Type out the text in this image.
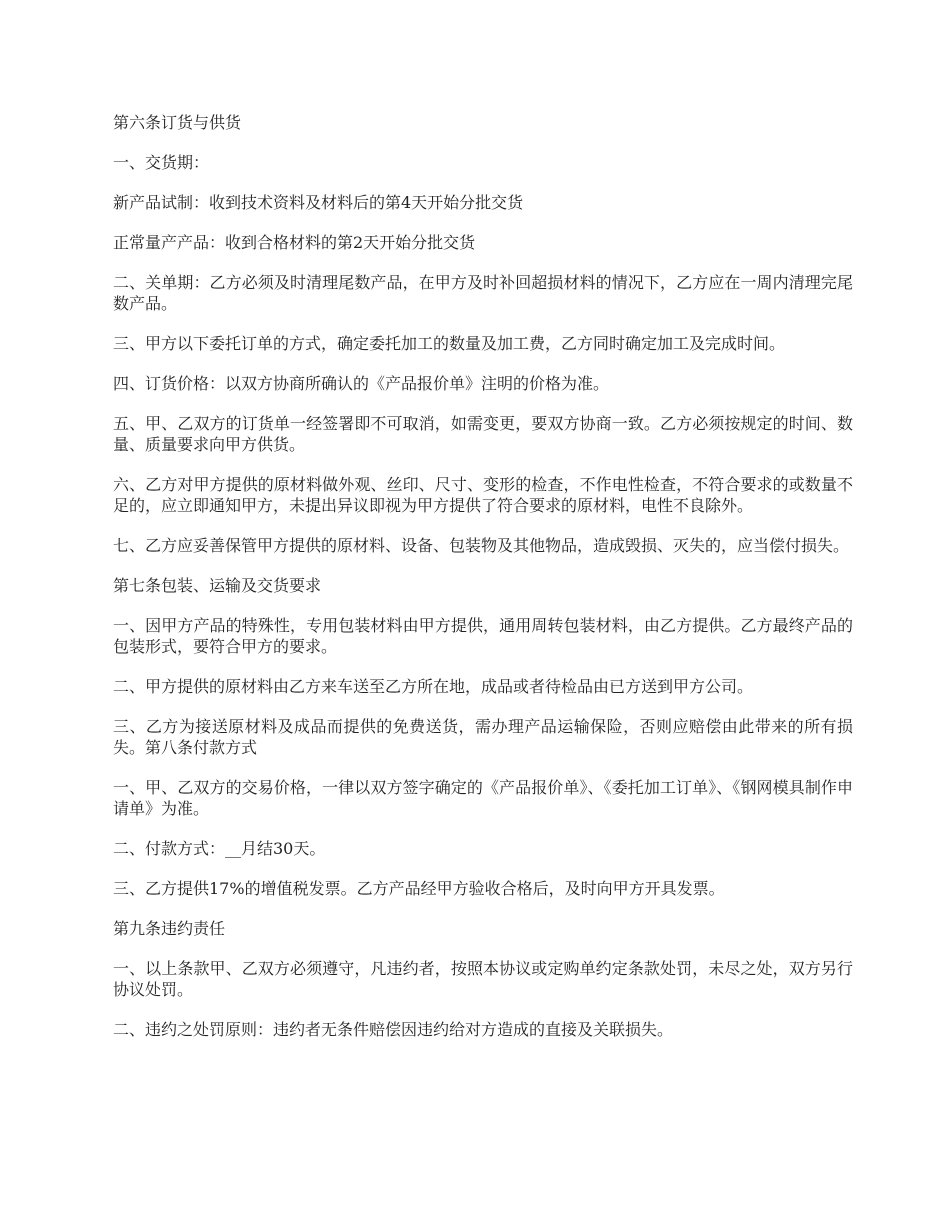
第六条订货与供货

一、交货期：

新产品试制：收到技术资料及材料后的第4天开始分批交货

正常量产产品：收到合格材料的第2天开始分批交货

二、关单期：乙方必须及时清理尾数产品，在甲方及时补回超损材料的情况下，乙方应在一周内清理完尾数产品。

三、甲方以下委托订单的方式，确定委托加工的数量及加工费，乙方同时确定加工及完成时间。

四、订货价格：以双方协商所确认的《产品报价单》注明的价格为准。

五、甲、乙双方的订货单一经签署即不可取消，如需变更，要双方协商一致。乙方必须按规定的时间、数量、质量要求向甲方供货。

六、乙方对甲方提供的原材料做外观、丝印、尺寸、变形的检查，不作电性检查，不符合要求的或数量不足的，应立即通知甲方，未提出异议即视为甲方提供了符合要求的原材料，电性不良除外。

七、乙方应妥善保管甲方提供的原材料、设备、包装物及其他物品，造成毁损、灭失的，应当偿付损失。

第七条包装、运输及交货要求

一、因甲方产品的特殊性，专用包装材料由甲方提供，通用周转包装材料，由乙方提供。乙方最终产品的包装形式，要符合甲方的要求。

二、甲方提供的原材料由乙方来车送至乙方所在地，成品或者待检品由已方送到甲方公司。

三、乙方为接送原材料及成品而提供的免费送货，需办理产品运输保险，否则应赔偿由此带来的所有损失。第八条付款方式

一、甲、乙双方的交易价格，一律以双方签字确定的《产品报价单》、《委托加工订单》、《钢网模具制作申请单》为准。

二、付款方式：__月结30天。

三、乙方提供17%的增值税发票。乙方产品经甲方验收合格后，及时向甲方开具发票。

第九条违约责任

一、以上条款甲、乙双方必须遵守，凡违约者，按照本协议或定购单约定条款处罚，未尽之处，双方另行协议处罚。

二、违约之处罚原则：违约者无条件赔偿因违约给对方造成的直接及关联损失。
